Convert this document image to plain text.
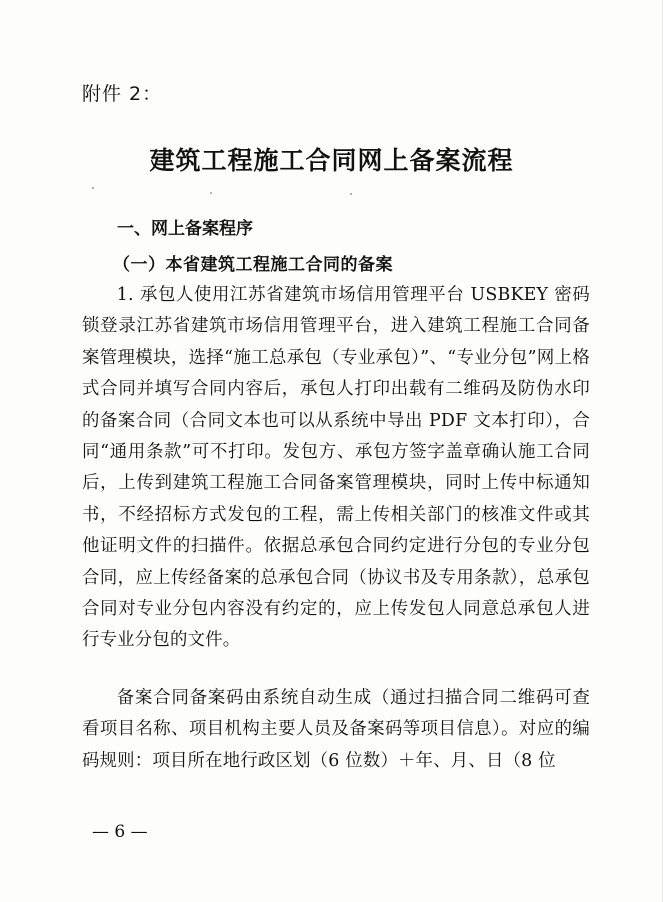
附件 2：
建筑工程施工合同网上备案流程
一、网上备案程序
（一）本省建筑工程施工合同的备案

1. 承包人使用江苏省建筑市场信用管理平台 USBKEY 密码锁登录江苏省建筑市场信用管理平台，进入建筑工程施工合同备案管理模块，选择“施工总承包（专业承包）”、“专业分包”网上格式合同并填写合同内容后，承包人打印出载有二维码及防伪水印的备案合同（合同文本也可以从系统中导出 PDF 文本打印），合同“通用条款”可不打印。发包方、承包方签字盖章确认施工合同后，上传到建筑工程施工合同备案管理模块，同时上传中标通知书，不经招标方式发包的工程，需上传相关部门的核准文件或其他证明文件的扫描件。依据总承包合同约定进行分包的专业分包合同，应上传经备案的总承包合同（协议书及专用条款），总承包合同对专业分包内容没有约定的，应上传发包人同意总承包人进行专业分包的文件。

备案合同备案码由系统自动生成（通过扫描合同二维码可查看项目名称、项目机构主要人员及备案码等项目信息）。对应的编码规则：项目所在地行政区划（6 位数）＋年、月、日（8 位

— 6 —
